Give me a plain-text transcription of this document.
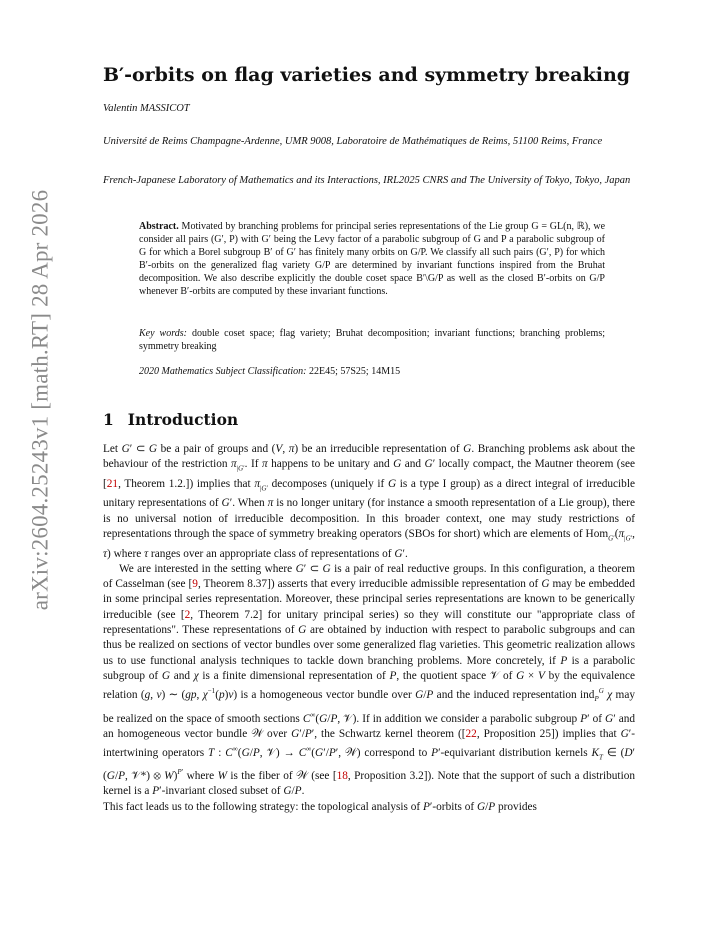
arXiv:2604.25243v1 [math.RT] 28 Apr 2026
B′-orbits on flag varieties and symmetry breaking
Valentin MASSICOT
Université de Reims Champagne-Ardenne, UMR 9008, Laboratoire de Mathématiques de Reims, 51100 Reims, France
French-Japanese Laboratory of Mathematics and its Interactions, IRL2025 CNRS and The University of Tokyo, Tokyo, Japan
Abstract. Motivated by branching problems for principal series representations of the Lie group G = GL(n, ℝ), we consider all pairs (G′, P) with G′ being the Levy factor of a parabolic subgroup of G and P a parabolic subgroup of G for which a Borel subgroup B′ of G′ has finitely many orbits on G/P. We classify all such pairs (G′, P) for which B′-orbits on the generalized flag variety G/P are determined by invariant functions inspired from the Bruhat decomposition. We also describe explicitly the double coset space B′\G/P as well as the closed B′-orbits on G/P whenever B′-orbits are computed by these invariant functions.
Key words: double coset space; flag variety; Bruhat decomposition; invariant functions; branching problems; symmetry breaking
2020 Mathematics Subject Classification: 22E45; 57S25; 14M15
1 Introduction

Let G′ ⊂ G be a pair of groups and (V, π) be an irreducible representation of G. Branching problems ask about the behaviour of the restriction $\pi_{|G'}$. If π happens to be unitary and G and G′ locally compact, the Mautner theorem (see [21, Theorem 1.2.]) implies that $\pi_{|G'}$ decomposes (uniquely if G is a type I group) as a direct integral of irreducible unitary representations of G′. When π is no longer unitary (for instance a smooth representation of a Lie group), there is no universal notion of irreducible decomposition. In this broader context, one may study restrictions of representations through the space of symmetry breaking operators (SBOs for short) which are elements of $Hom_{G'}(\pi_{|G'}$, τ) where τ ranges over an appropriate class of representations of G′.

We are interested in the setting where G′ ⊂ G is a pair of real reductive groups. In this configuration, a theorem of Casselman (see [9, Theorem 8.37]) asserts that every irreducible admissible representation of G may be embedded in some principal series representation. Moreover, these principal series representations are known to be generically irreducible (see [2, Theorem 7.2] for unitary principal series) so they will constitute our "appropriate class of representations". These representations of G are obtained by induction with respect to parabolic subgroups and can thus be realized on sections of vector bundles over some generalized flag varieties. This geometric realization allows us to use functional analysis techniques to tackle down branching problems. More concretely, if P is a parabolic subgroup of G and χ is a finite dimensional representation of P, the quotient space 𝒱 of G × V by the equivalence relation (g, v) ∼ (gp, $\chi^{-1}(p)v$) is a homogeneous vector bundle over G/P and the induced representation ind$_P^G$ χ may be realized on the space of smooth sections C∞(G/P, 𝒱). If in addition we consider a parabolic subgroup P′ of G′ and an homogeneous vector bundle 𝒲 over G′/P′, the Schwartz kernel theorem ([22, Proposition 25]) implies that G′-intertwining operators T : C∞(G/P, 𝒱) → C∞(G′/P′, 𝒲) correspond to P′-equivariant distribution kernels $K_T$ ∈ (D′(G/P, 𝒱*) ⊗ W)$^{P'}$ where W is the fiber of 𝒲 (see [18, Proposition 3.2]). Note that the support of such a distribution kernel is a P′-invariant closed subset of G/P.

This fact leads us to the following strategy: the topological analysis of P′-orbits of G/P provides
